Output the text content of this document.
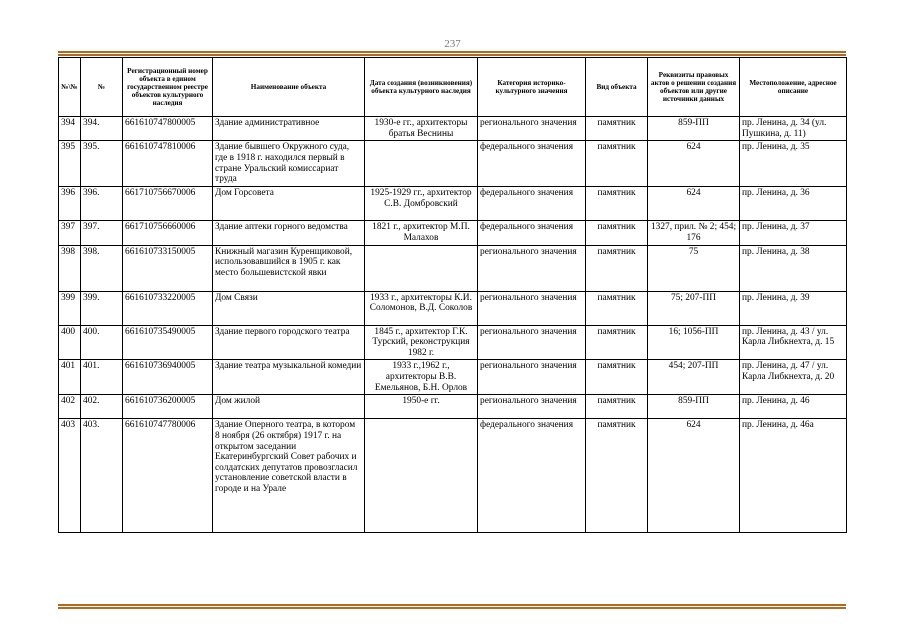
237
№\№	№	Регистрационный номер объекта в едином государственном реестре объектов культурного наследия	Наименование объекта	Дата создания (возникновения) объекта культурного наследия	Категория историко-культурного значения	Вид объекта	Реквизиты правовых актов о решении создания объектов или другие источники данных	Местоположение, адресное описание
394	394.	661610747800005	Здание административное	1930-е гг., архитекторы братья Веснины	регионального значения	памятник	859-ПП	пр. Ленина, д. 34 (ул. Пушкина, д. 11)
395	395.	661610747810006	Здание бывшего Окружного суда, где в 1918 г. находился первый в стране Уральский комиссариат труда		федерального значения	памятник	624	пр. Ленина, д. 35
396	396.	661710756670006	Дом Горсовета	1925-1929 гг., архитектор С.В. Домбровский	федерального значения	памятник	624	пр. Ленина, д. 36
397	397.	661710756660006	Здание аптеки горного ведомства	1821 г., архитектор М.П. Малахов	федерального значения	памятник	1327, прил. № 2; 454; 176	пр. Ленина, д. 37
398	398.	661610733150005	Книжный магазин Куренщиковой, использовавшийся в 1905 г. как место большевистской явки		регионального значения	памятник	75	пр. Ленина, д. 38
399	399.	661610733220005	Дом Связи	1933 г., архитекторы К.И. Соломонов, В.Д. Соколов	регионального значения	памятник	75; 207-ПП	пр. Ленина, д. 39
400	400.	661610735490005	Здание первого городского театра	1845 г., архитектор Г.К. Турский, реконструкция 1982 г.	регионального значения	памятник	16; 1056-ПП	пр. Ленина, д. 43 / ул. Карла Либкнехта, д. 15
401	401.	661610736940005	Здание театра музыкальной комедии	1933 г.,1962 г., архитекторы В.В. Емельянов, Б.Н. Орлов	регионального значения	памятник	454; 207-ПП	пр. Ленина, д. 47 / ул. Карла Либкнехта, д. 20
402	402.	661610736200005	Дом жилой	1950-е гг.	регионального значения	памятник	859-ПП	пр. Ленина, д. 46
403	403.	661610747780006	Здание Оперного театра, в котором 8 ноября (26 октября) 1917 г. на открытом заседании Екатеринбургский Совет рабочих и солдатских депутатов провозгласил установление советской власти в городе и на Урале		федерального значения	памятник	624	пр. Ленина, д. 46а
